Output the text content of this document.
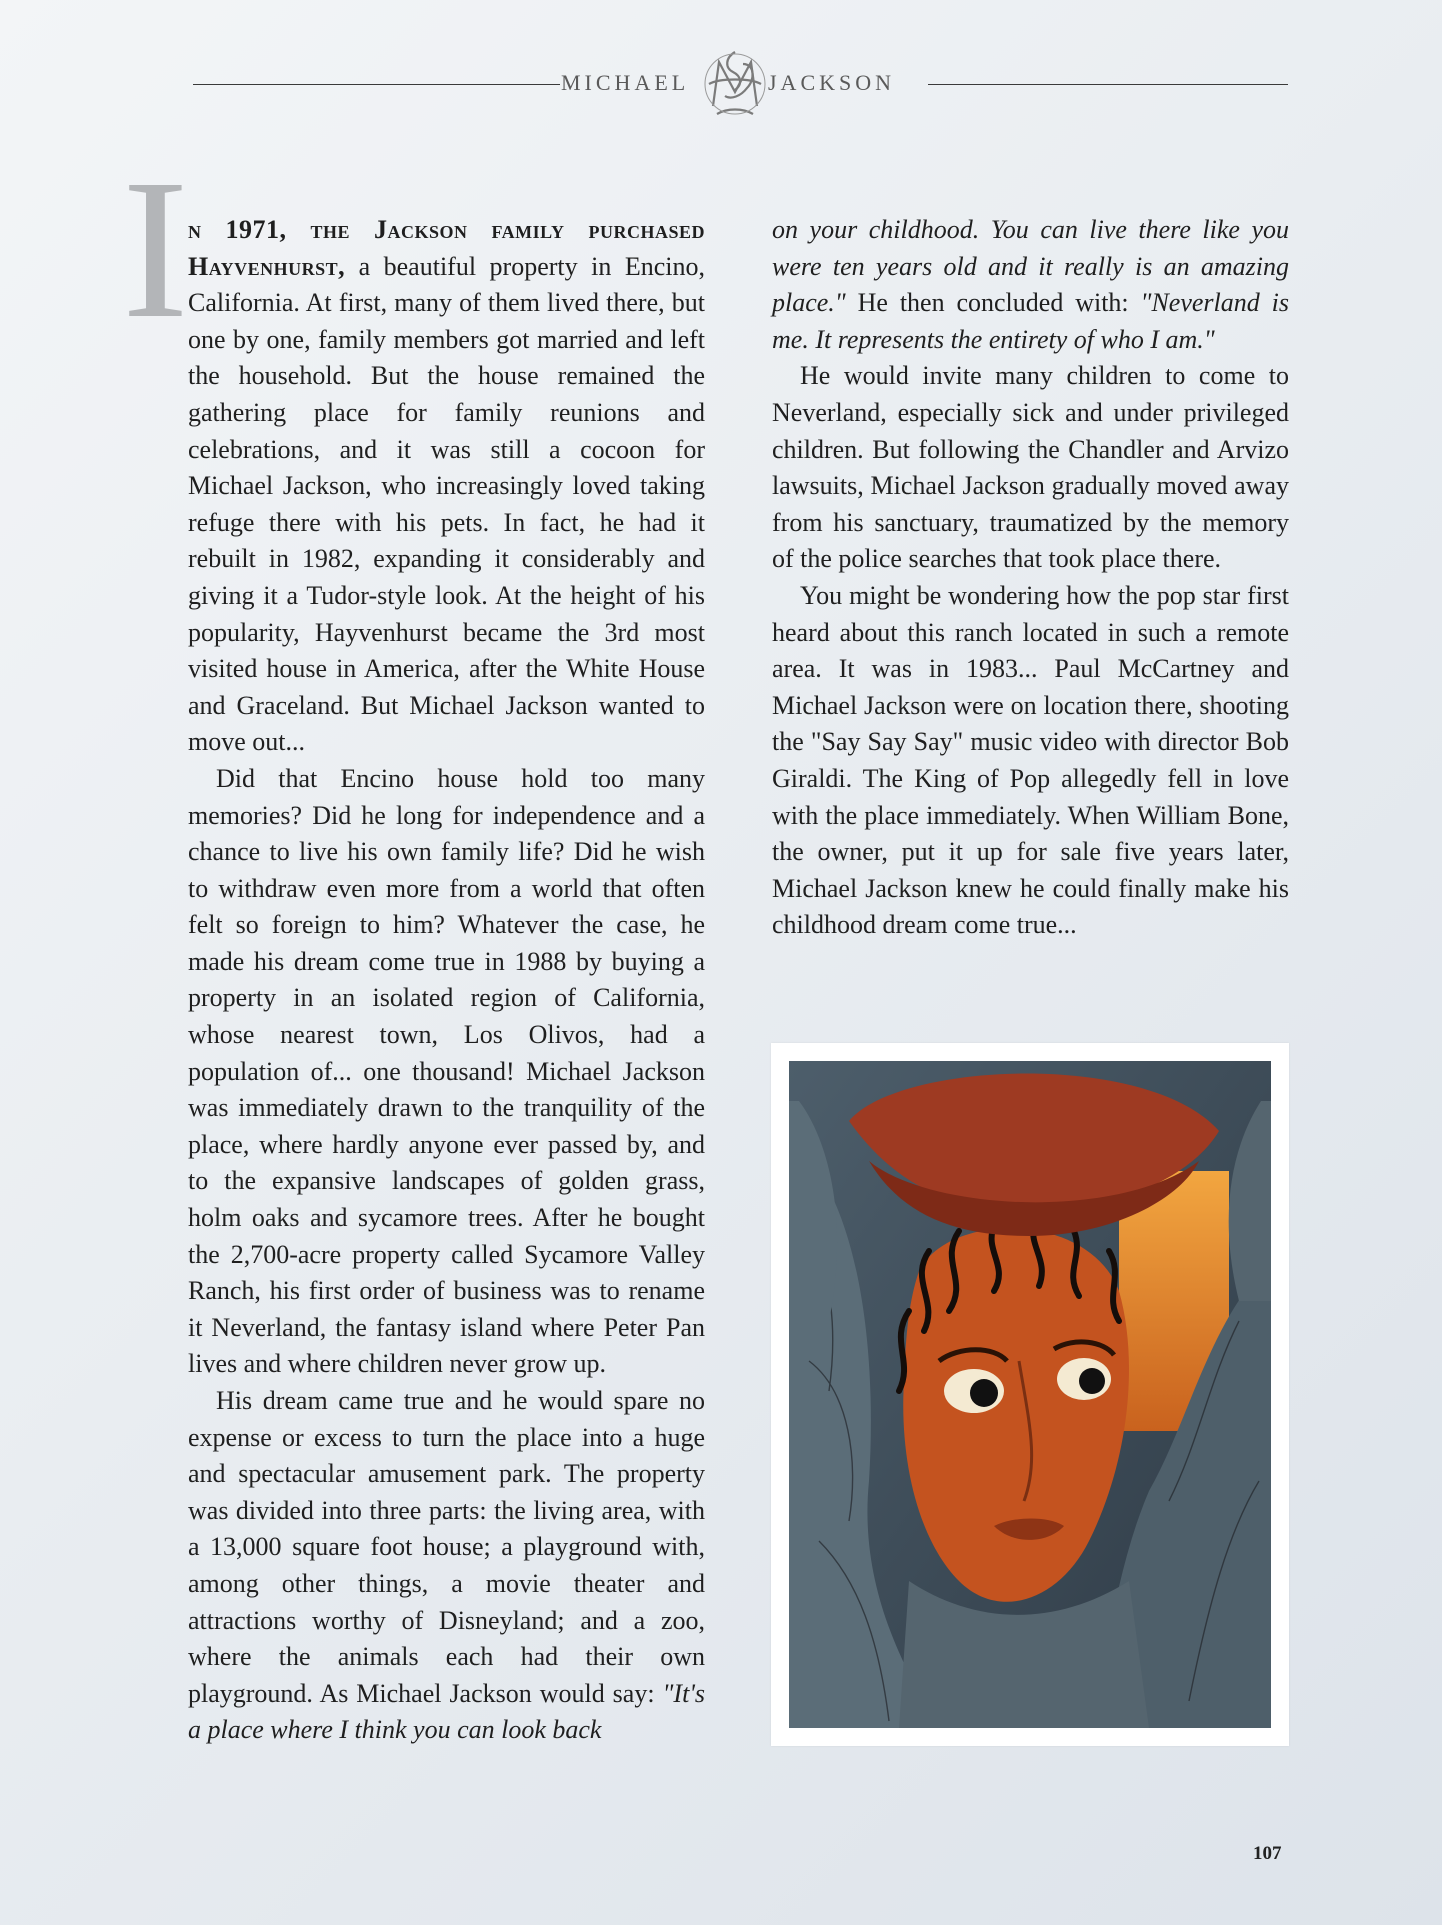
MICHAEL	JACKSON
I n 1971, the Jackson family purchased Hayvenhurst, a beautiful property in Encino, California. At first, many of them lived there, but one by one, family members got married and left the household. But the house remained the gathering place for family reunions and celebrations, and it was still a cocoon for Michael Jackson, who increasingly loved taking refuge there with his pets. In fact, he had it rebuilt in 1982, expanding it considerably and giving it a Tudor-style look. At the height of his popularity, Hayvenhurst became the 3rd most visited house in America, after the White House and Graceland. But Michael Jackson wanted to move out...

Did that Encino house hold too many memories? Did he long for independence and a chance to live his own family life? Did he wish to withdraw even more from a world that often felt so foreign to him? Whatever the case, he made his dream come true in 1988 by buying a property in an isolated region of California, whose nearest town, Los Olivos, had a population of... one thousand! Michael Jackson was immediately drawn to the tranquility of the place, where hardly anyone ever passed by, and to the expansive landscapes of golden grass, holm oaks and sycamore trees. After he bought the 2,700-acre property called Sycamore Valley Ranch, his first order of business was to rename it Neverland, the fantasy island where Peter Pan lives and where children never grow up.

His dream came true and he would spare no expense or excess to turn the place into a huge and spectacular amusement park. The property was divided into three parts: the living area, with a 13,000 square foot house; a playground with, among other things, a movie theater and attractions worthy of Disneyland; and a zoo, where the animals each had their own playground. As Michael Jackson would say: "It's a place where I think you can look back

on your childhood. You can live there like you were ten years old and it really is an amazing place." He then concluded with: "Neverland is me. It represents the entirety of who I am."

He would invite many children to come to Neverland, especially sick and under privileged children. But following the Chandler and Arvizo lawsuits, Michael Jackson gradually moved away from his sanctuary, traumatized by the memory of the police searches that took place there.

You might be wondering how the pop star first heard about this ranch located in such a remote area. It was in 1983... Paul McCartney and Michael Jackson were on location there, shooting the "Say Say Say" music video with director Bob Giraldi. The King of Pop allegedly fell in love with the place immediately. When William Bone, the owner, put it up for sale five years later, Michael Jackson knew he could finally make his childhood dream come true...

107
